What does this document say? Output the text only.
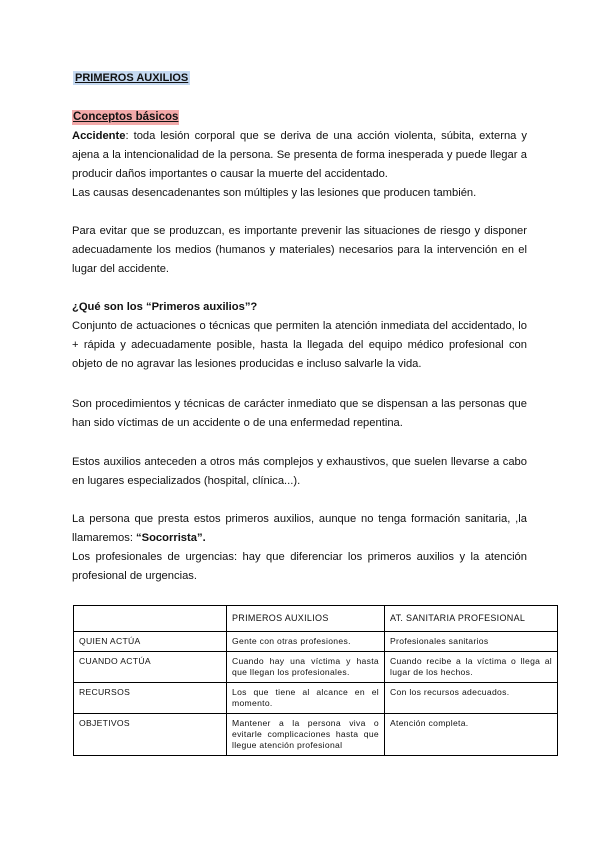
PRIMEROS AUXILIOS
Conceptos básicos
Accidente: toda lesión corporal que se deriva de una acción violenta, súbita, externa y
ajena a la intencionalidad de la persona. Se presenta de forma inesperada y puede llegar a
producir daños importantes o causar la muerte del accidentado.
Las causas desencadenantes son múltiples y las lesiones que producen también.
Para evitar que se produzcan, es importante prevenir las situaciones de riesgo y disponer
adecuadamente los medios (humanos y materiales) necesarios para la intervención en el
lugar del accidente.
¿Qué son los “Primeros auxilios”?
Conjunto de actuaciones o técnicas que permiten la atención inmediata del accidentado, lo
+ rápida y adecuadamente posible, hasta la llegada del equipo médico profesional con
objeto de no agravar las lesiones producidas e incluso salvarle la vida.
Son procedimientos y técnicas de carácter inmediato que se dispensan a las personas que
han sido víctimas de un accidente o de una enfermedad repentina.
Estos auxilios anteceden a otros más complejos y exhaustivos, que suelen llevarse a cabo
en lugares especializados (hospital, clínica...).
La persona que presta estos primeros auxilios, aunque no tenga formación sanitaria, ,la
llamaremos: “Socorrista”.
Los profesionales de urgencias: hay que diferenciar los primeros auxilios y la atención
profesional de urgencias.
	PRIMEROS AUXILIOS	AT. SANITARIA PROFESIONAL
QUIEN ACTÚA	Gente con otras profesiones.	Profesionales sanitarios
CUANDO ACTÚA	Cuando hay una víctima y hasta que llegan los profesionales.	Cuando recibe a la víctima o llega al lugar de los hechos.
RECURSOS	Los que tiene al alcance en el momento.	Con los recursos adecuados.
OBJETIVOS	Mantener a la persona viva o evitarle complicaciones hasta que llegue atención profesional	Atención completa.
